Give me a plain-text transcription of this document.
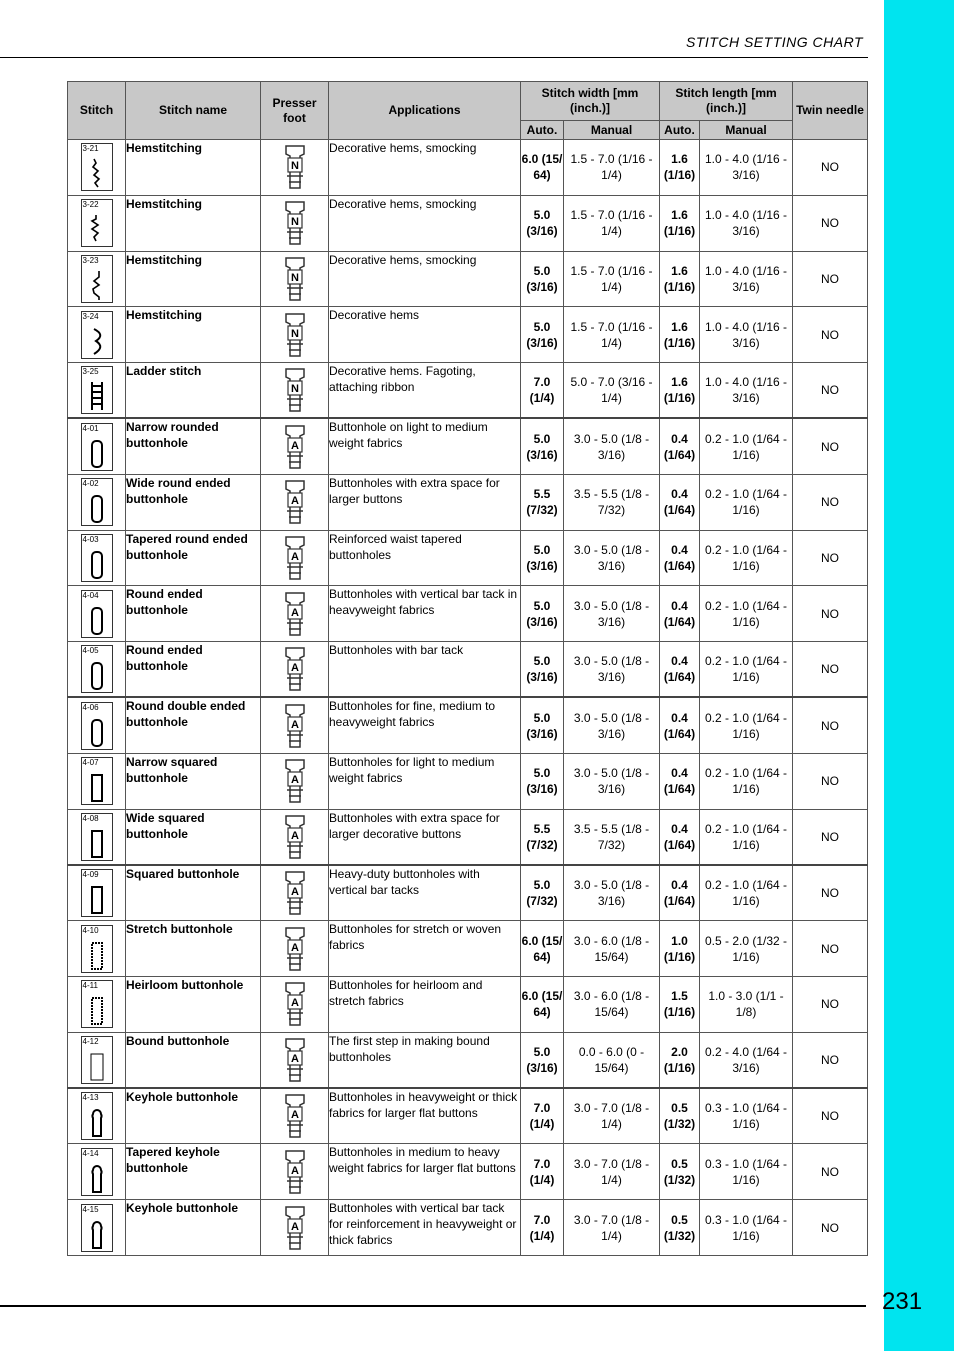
STITCH SETTING CHART
Stitch	Stitch name	Presser foot	Applications	Stitch width [mm (inch.)]		Stitch length [mm (inch.)]		Twin needle
				Auto.	Manual	Auto.	Manual	

3-21	Hemstitching	N	Decorative hems, smocking	6.0 (15/ 64)	1.5 - 7.0 (1/16 - 1/4)	1.6 (1/16)	1.0 - 4.0 (1/16 - 3/16)	NO

3-22	Hemstitching	N	Decorative hems, smocking	5.0 (3/16)	1.5 - 7.0 (1/16 - 1/4)	1.6 (1/16)	1.0 - 4.0 (1/16 - 3/16)	NO

3-23	Hemstitching	N	Decorative hems, smocking	5.0 (3/16)	1.5 - 7.0 (1/16 - 1/4)	1.6 (1/16)	1.0 - 4.0 (1/16 - 3/16)	NO

3-24	Hemstitching	N	Decorative hems	5.0 (3/16)	1.5 - 7.0 (1/16 - 1/4)	1.6 (1/16)	1.0 - 4.0 (1/16 - 3/16)	NO

3-25	Ladder stitch	N	Decorative hems. Fagoting, attaching ribbon	7.0 (1/4)	5.0 - 7.0 (3/16 - 1/4)	1.6 (1/16)	1.0 - 4.0 (1/16 - 3/16)	NO

4-01	Narrow rounded buttonhole	A	Buttonhole on light to medium weight fabrics	5.0 (3/16)	3.0 - 5.0 (1/8 - 3/16)	0.4 (1/64)	0.2 - 1.0 (1/64 - 1/16)	NO

4-02	Wide round ended buttonhole	A	Buttonholes with extra space for larger buttons	5.5 (7/32)	3.5 - 5.5 (1/8 - 7/32)	0.4 (1/64)	0.2 - 1.0 (1/64 - 1/16)	NO

4-03	Tapered round ended buttonhole	A	Reinforced waist tapered buttonholes	5.0 (3/16)	3.0 - 5.0 (1/8 - 3/16)	0.4 (1/64)	0.2 - 1.0 (1/64 - 1/16)	NO

4-04	Round ended buttonhole	A	Buttonholes with vertical bar tack in heavyweight fabrics	5.0 (3/16)	3.0 - 5.0 (1/8 - 3/16)	0.4 (1/64)	0.2 - 1.0 (1/64 - 1/16)	NO

4-05	Round ended buttonhole	A	Buttonholes with bar tack	5.0 (3/16)	3.0 - 5.0 (1/8 - 3/16)	0.4 (1/64)	0.2 - 1.0 (1/64 - 1/16)	NO

4-06	Round double ended buttonhole	A	Buttonholes for fine, medium to heavyweight fabrics	5.0 (3/16)	3.0 - 5.0 (1/8 - 3/16)	0.4 (1/64)	0.2 - 1.0 (1/64 - 1/16)	NO

4-07	Narrow squared buttonhole	A	Buttonholes for light to medium weight fabrics	5.0 (3/16)	3.0 - 5.0 (1/8 - 3/16)	0.4 (1/64)	0.2 - 1.0 (1/64 - 1/16)	NO

4-08	Wide squared buttonhole	A	Buttonholes with extra space for larger decorative buttons	5.5 (7/32)	3.5 - 5.5 (1/8 - 7/32)	0.4 (1/64)	0.2 - 1.0 (1/64 - 1/16)	NO

4-09	Squared buttonhole	A	Heavy-duty buttonholes with vertical bar tacks	5.0 (7/32)	3.0 - 5.0 (1/8 - 3/16)	0.4 (1/64)	0.2 - 1.0 (1/64 - 1/16)	NO

4-10	Stretch buttonhole	A	Buttonholes for stretch or woven fabrics	6.0 (15/ 64)	3.0 - 6.0 (1/8 - 15/64)	1.0 (1/16)	0.5 - 2.0 (1/32 - 1/16)	NO

4-11	Heirloom buttonhole	A	Buttonholes for heirloom and stretch fabrics	6.0 (15/ 64)	3.0 - 6.0 (1/8 - 15/64)	1.5 (1/16)	1.0 - 3.0 (1/1 - 1/8)	NO

4-12	Bound buttonhole	A	The first step in making bound buttonholes	5.0 (3/16)	0.0 - 6.0 (0 - 15/64)	2.0 (1/16)	0.2 - 4.0 (1/64 - 3/16)	NO

4-13	Keyhole buttonhole	A	Buttonholes in heavyweight or thick fabrics for larger flat buttons	7.0 (1/4)	3.0 - 7.0 (1/8 - 1/4)	0.5 (1/32)	0.3 - 1.0 (1/64 - 1/16)	NO

4-14	Tapered keyhole buttonhole	A	Buttonholes in medium to heavy weight fabrics for larger flat buttons	7.0 (1/4)	3.0 - 7.0 (1/8 - 1/4)	0.5 (1/32)	0.3 - 1.0 (1/64 - 1/16)	NO

4-15	Keyhole buttonhole	A	Buttonholes with vertical bar tack for reinforcement in heavyweight or thick fabrics	7.0 (1/4)	3.0 - 7.0 (1/8 - 1/4)	0.5 (1/32)	0.3 - 1.0 (1/64 - 1/16)	NO
231
